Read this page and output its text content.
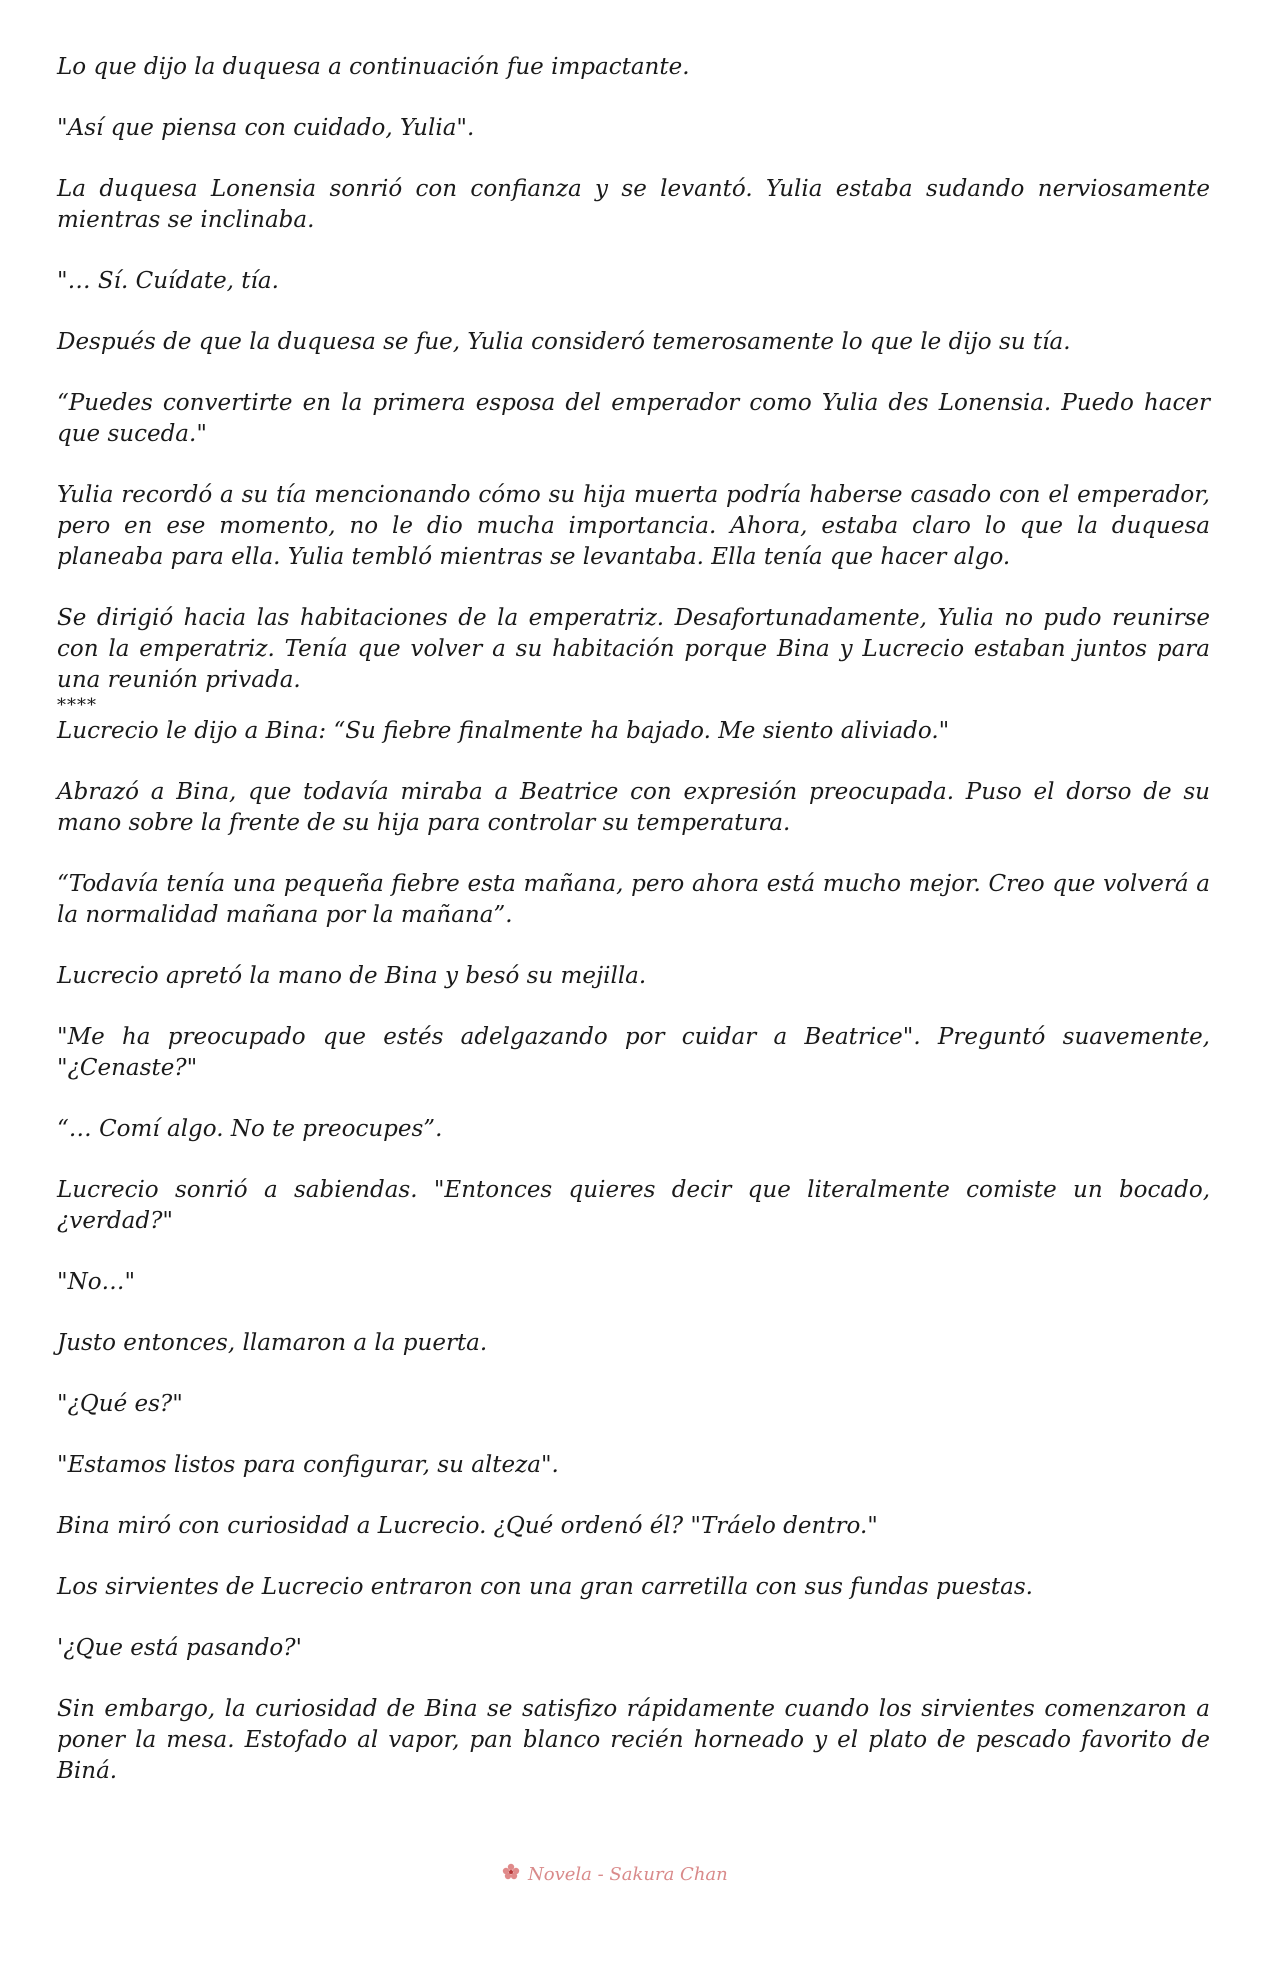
Lo que dijo la duquesa a continuación fue impactante.

"Así que piensa con cuidado, Yulia".

La duquesa Lonensia sonrió con confianza y se levantó. Yulia estaba sudando nerviosamente mientras se inclinaba.

"… Sí. Cuídate, tía.

Después de que la duquesa se fue, Yulia consideró temerosamente lo que le dijo su tía.

“Puedes convertirte en la primera esposa del emperador como Yulia des Lonensia. Puedo hacer que suceda."

Yulia recordó a su tía mencionando cómo su hija muerta podría haberse casado con el emperador, pero en ese momento, no le dio mucha importancia. Ahora, estaba claro lo que la duquesa planeaba para ella. Yulia tembló mientras se levantaba. Ella tenía que hacer algo.

Se dirigió hacia las habitaciones de la emperatriz. Desafortunadamente, Yulia no pudo reunirse con la emperatriz. Tenía que volver a su habitación porque Bina y Lucrecio estaban juntos para una reunión privada.

****

Lucrecio le dijo a Bina: “Su fiebre finalmente ha bajado. Me siento aliviado."

Abrazó a Bina, que todavía miraba a Beatrice con expresión preocupada. Puso el dorso de su mano sobre la frente de su hija para controlar su temperatura.

“Todavía tenía una pequeña fiebre esta mañana, pero ahora está mucho mejor. Creo que volverá a la normalidad mañana por la mañana”.

Lucrecio apretó la mano de Bina y besó su mejilla.

"Me ha preocupado que estés adelgazando por cuidar a Beatrice". Preguntó suavemente, "¿Cenaste?"

“… Comí algo. No te preocupes”.

Lucrecio sonrió a sabiendas. "Entonces quieres decir que literalmente comiste un bocado, ¿verdad?"

"No…"

Justo entonces, llamaron a la puerta.

"¿Qué es?"

"Estamos listos para configurar, su alteza".

Bina miró con curiosidad a Lucrecio. ¿Qué ordenó él? "Tráelo dentro."

Los sirvientes de Lucrecio entraron con una gran carretilla con sus fundas puestas.

'¿Que está pasando?'

Sin embargo, la curiosidad de Bina se satisfizo rápidamente cuando los sirvientes comenzaron a poner la mesa. Estofado al vapor, pan blanco recién horneado y el plato de pescado favorito de Biná.

Novela - Sakura Chan
